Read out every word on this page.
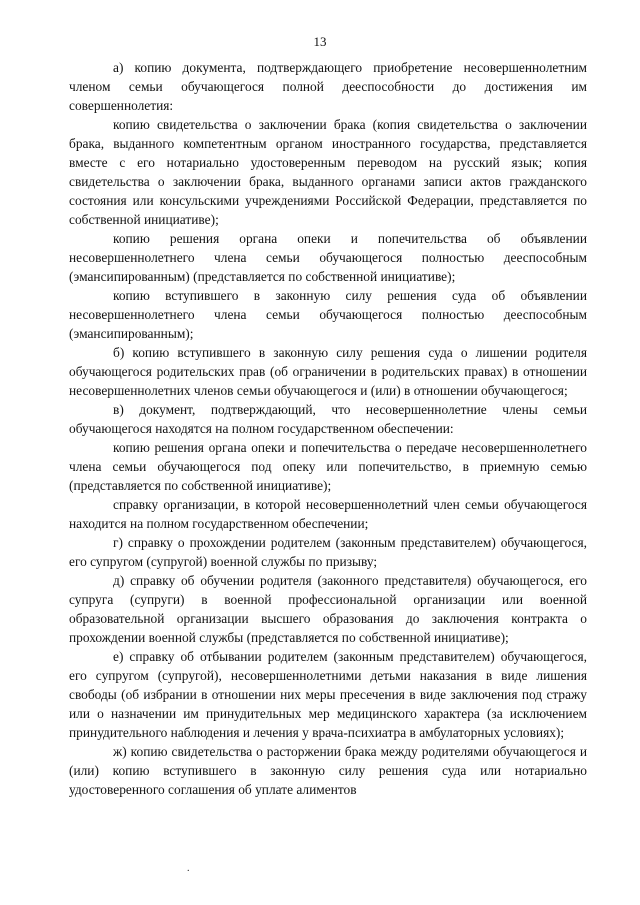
13

а) копию документа, подтверждающего приобретение несовершеннолетним членом семьи обучающегося полной дееспособности до достижения им совершеннолетия:

копию свидетельства о заключении брака (копия свидетельства о заключении брака, выданного компетентным органом иностранного государства, представляется вместе с его нотариально удостоверенным переводом на русский язык; копия свидетельства о заключении брака, выданного органами записи актов гражданского состояния или консульскими учреждениями Российской Федерации, представляется по собственной инициативе);

копию решения органа опеки и попечительства об объявлении несовершеннолетнего члена семьи обучающегося полностью дееспособным (эмансипированным) (представляется по собственной инициативе);

копию вступившего в законную силу решения суда об объявлении несовершеннолетнего члена семьи обучающегося полностью дееспособным (эмансипированным);

б) копию вступившего в законную силу решения суда о лишении родителя обучающегося родительских прав (об ограничении в родительских правах) в отношении несовершеннолетних членов семьи обучающегося и (или) в отношении обучающегося;

в) документ, подтверждающий, что несовершеннолетние члены семьи обучающегося находятся на полном государственном обеспечении:

копию решения органа опеки и попечительства о передаче несовершеннолетнего члена семьи обучающегося под опеку или попечительство, в приемную семью (представляется по собственной инициативе);

справку организации, в которой несовершеннолетний член семьи обучающегося находится на полном государственном обеспечении;

г) справку о прохождении родителем (законным представителем) обучающегося, его супругом (супругой) военной службы по призыву;

д) справку об обучении родителя (законного представителя) обучающегося, его супруга (супруги) в военной профессиональной организации или военной образовательной организации высшего образования до заключения контракта о прохождении военной службы (представляется по собственной инициативе);

е) справку об отбывании родителем (законным представителем) обучающегося, его супругом (супругой), несовершеннолетними детьми наказания в виде лишения свободы (об избрании в отношении них меры пресечения в виде заключения под стражу или о назначении им принудительных мер медицинского характера (за исключением принудительного наблюдения и лечения у врача-психиатра в амбулаторных условиях);

ж) копию свидетельства о расторжении брака между родителями обучающегося и (или) копию вступившего в законную силу решения суда или нотариально удостоверенного соглашения об уплате алиментов

.
